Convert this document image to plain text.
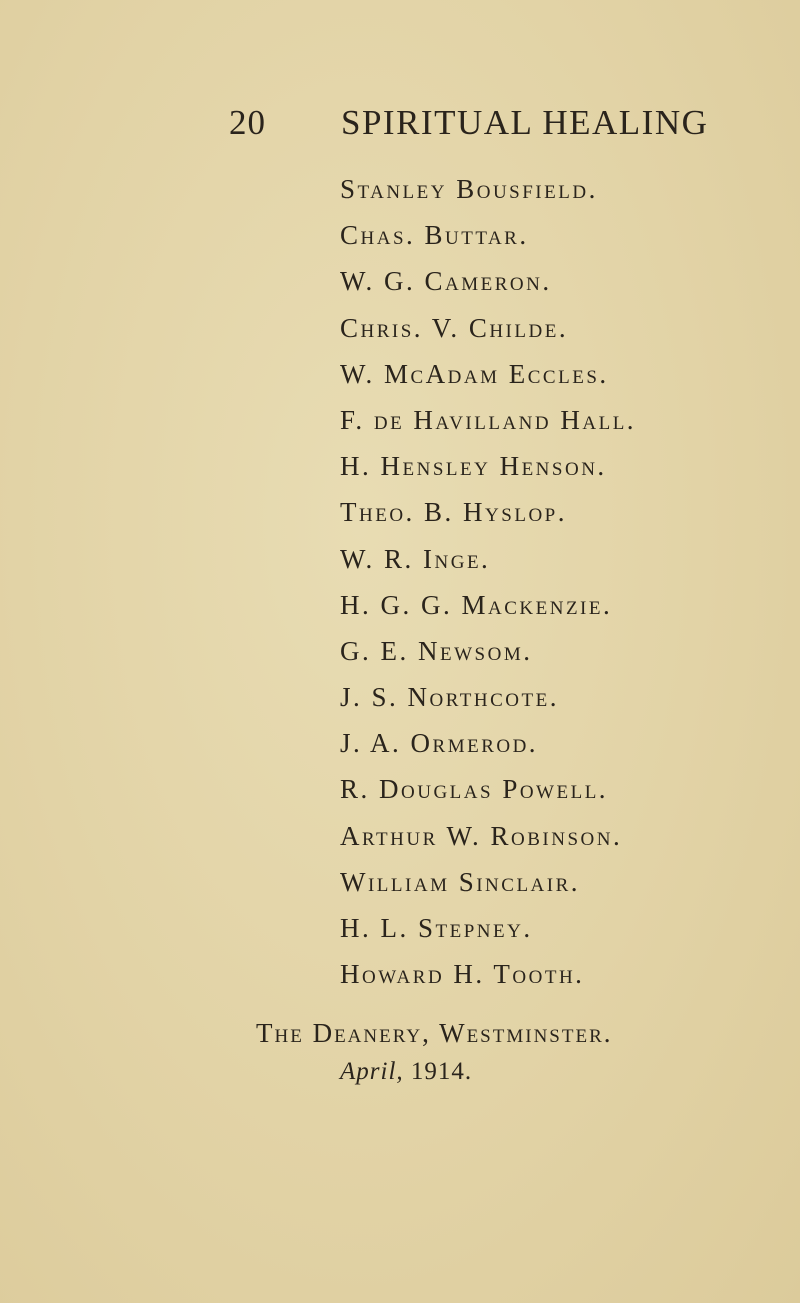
20 SPIRITUAL HEALING
Stanley Bousfield.
Chas. Buttar.
W. G. Cameron.
Chris. V. Childe.
W. McAdam Eccles.
F. de Havilland Hall.
H. Hensley Henson.
Theo. B. Hyslop.
W. R. Inge.
H. G. G. Mackenzie.
G. E. Newsom.
J. S. Northcote.
J. A. Ormerod.
R. Douglas Powell.
Arthur W. Robinson.
William Sinclair.
H. L. Stepney.
Howard H. Tooth.
The Deanery, Westminster.
April, 1914.
